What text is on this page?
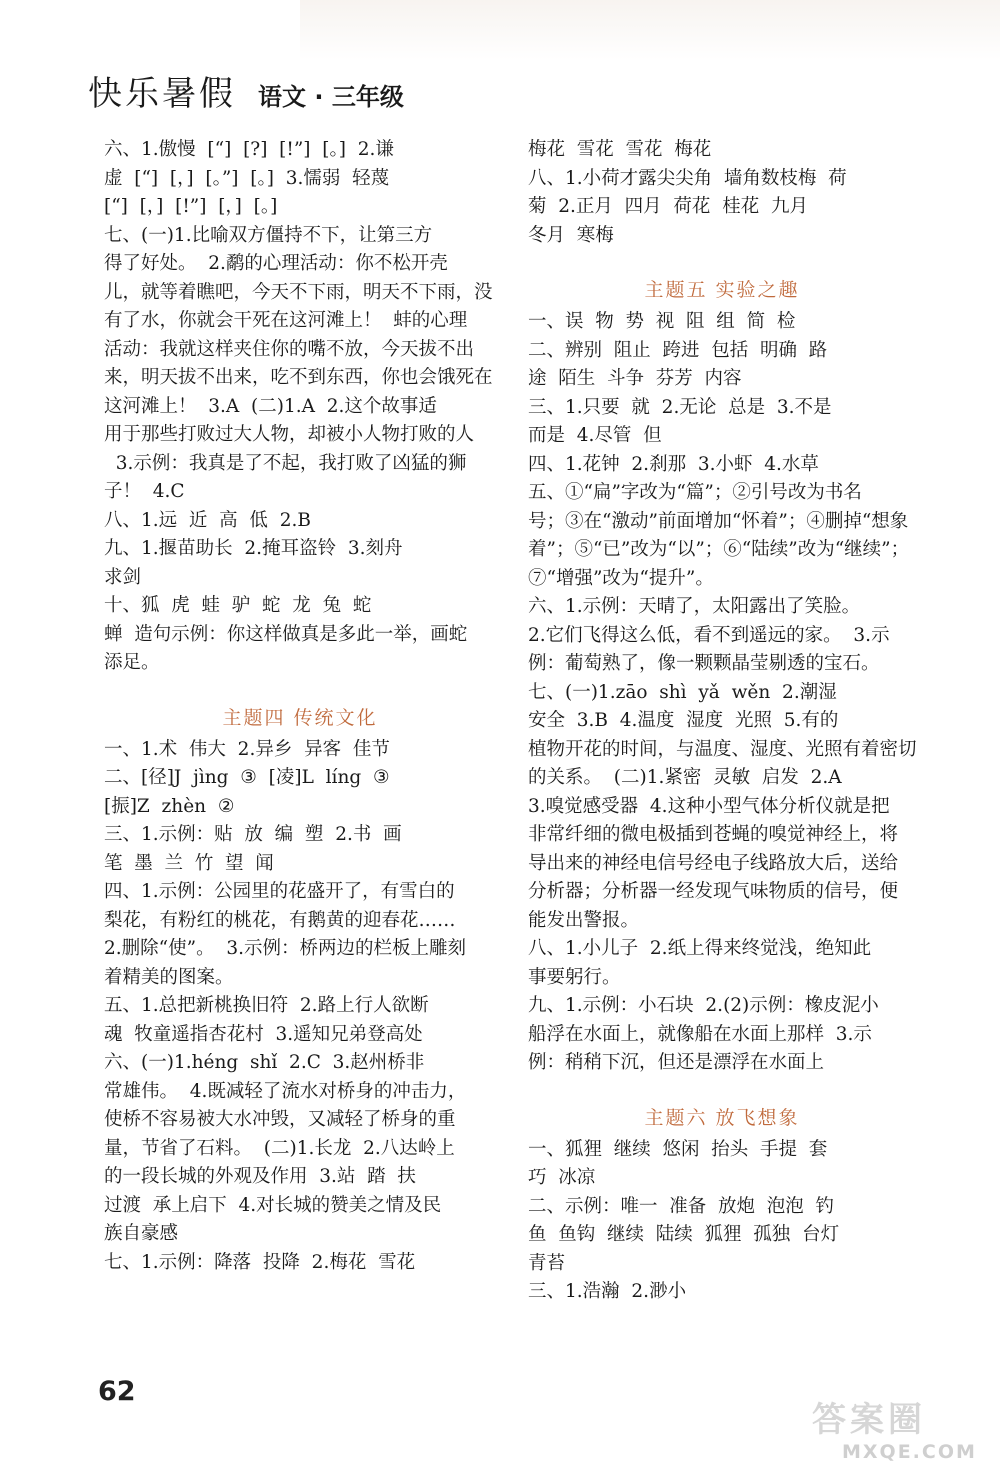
快乐暑假 语文 · 三年级
六、1.傲慢  [“]  [?]  [!”]  [。]  2.谦
虚  [“]  [，]  [。”]  [。]  3.懦弱  轻蔑
[“]  [，]  [!”]  [，]  [。]
七、(一)1.比喻双方僵持不下，让第三方
得了好处。  2.鹬的心理活动：你不松开壳
儿，就等着瞧吧，今天不下雨，明天不下雨，没
有了水，你就会干死在这河滩上！  蚌的心理
活动：我就这样夹住你的嘴不放，今天拔不出
来，明天拔不出来，吃不到东西，你也会饿死在
这河滩上！  3.A  (二)1.A  2.这个故事适
用于那些打败过大人物，却被小人物打败的人
3.示例：我真是了不起，我打败了凶猛的狮
子！  4.C
八、1.远  近  高  低  2.B
九、1.揠苗助长  2.掩耳盗铃  3.刻舟
求剑
十、狐  虎  蛙  驴  蛇  龙  兔  蛇
蝉  造句示例：你这样做真是多此一举，画蛇
添足。
主题四 传统文化
一、1.术  伟大  2.异乡  异客  佳节
二、[径]J  jìng  ③  [凌]L  líng  ③
[振]Z  zhèn  ②
三、1.示例：贴  放  编  塑  2.书  画
笔  墨  兰  竹  望  闻
四、1.示例：公园里的花盛开了，有雪白的
梨花，有粉红的桃花，有鹅黄的迎春花……
2.删除“使”。  3.示例：桥两边的栏板上雕刻
着精美的图案。
五、1.总把新桃换旧符  2.路上行人欲断
魂  牧童遥指杏花村  3.遥知兄弟登高处
六、(一)1.héng  shǐ  2.C  3.赵州桥非
常雄伟。  4.既减轻了流水对桥身的冲击力，
使桥不容易被大水冲毁，又减轻了桥身的重
量，节省了石料。  (二)1.长龙  2.八达岭上
的一段长城的外观及作用  3.站  踏  扶
过渡  承上启下  4.对长城的赞美之情及民
族自豪感
七、1.示例：降落  投降  2.梅花  雪花
梅花  雪花  雪花  梅花
八、1.小荷才露尖尖角  墙角数枝梅  荷
菊  2.正月  四月  荷花  桂花  九月
冬月  寒梅
主题五 实验之趣
一、误  物  势  视  阻  组  简  检
二、辨别  阻止  跨进  包括  明确  路
途  陌生  斗争  芬芳  内容
三、1.只要  就  2.无论  总是  3.不是
而是  4.尽管  但
四、1.花钟  2.刹那  3.小虾  4.水草
五、①“扁”字改为“篇”；②引号改为书名
号；③在“激动”前面增加“怀着”；④删掉“想象
着”；⑤“已”改为“以”；⑥“陆续”改为“继续”；
⑦“增强”改为“提升”。
六、1.示例：天晴了，太阳露出了笑脸。
2.它们飞得这么低，看不到遥远的家。  3.示
例：葡萄熟了，像一颗颗晶莹剔透的宝石。
七、(一)1.zāo  shì  yǎ  wěn  2.潮湿
安全  3.B  4.温度  湿度  光照  5.有的
植物开花的时间，与温度、湿度、光照有着密切
的关系。  (二)1.紧密  灵敏  启发  2.A
3.嗅觉感受器  4.这种小型气体分析仪就是把
非常纤细的微电极插到苍蝇的嗅觉神经上，将
导出来的神经电信号经电子线路放大后，送给
分析器；分析器一经发现气味物质的信号，便
能发出警报。
八、1.小儿子  2.纸上得来终觉浅，绝知此
事要躬行。
九、1.示例：小石块  2.(2)示例：橡皮泥小
船浮在水面上，就像船在水面上那样  3.示
例：稍稍下沉，但还是漂浮在水面上
主题六 放飞想象
一、狐狸  继续  悠闲  抬头  手提  套
巧  冰凉
二、示例：唯一  准备  放炮  泡泡  钓
鱼  鱼钩  继续  陆续  狐狸  孤独  台灯
青苔
三、1.浩瀚  2.渺小
62
答案圈
MXQE.COM
